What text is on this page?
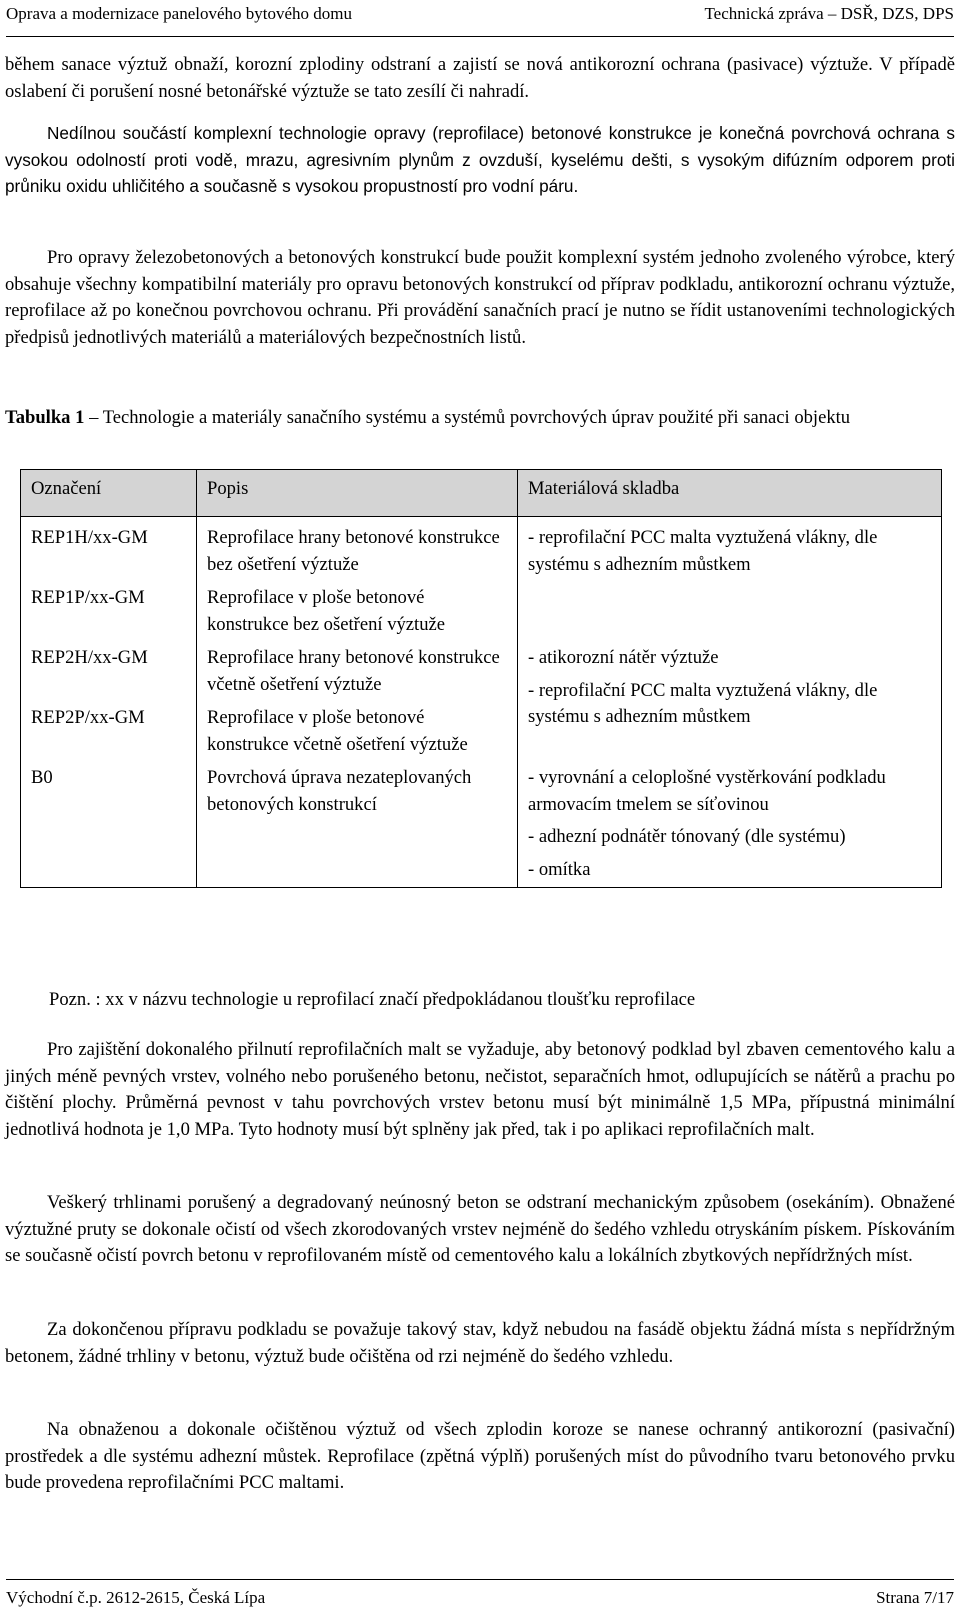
Oprava a modernizace panelového bytového domu	Technická zpráva – DSŘ, DZS, DPS

během sanace výztuž obnaží, korozní zplodiny odstraní a zajistí se nová antikorozní ochrana (pasivace) výztuže. V případě oslabení či porušení nosné betonářské výztuže se tato zesílí či nahradí.

Nedílnou součástí komplexní technologie opravy (reprofilace) betonové konstrukce je konečná povrchová ochrana s vysokou odolností proti vodě, mrazu, agresivním plynům z ovzduší, kyselému dešti, s vysokým difúzním odporem proti průniku oxidu uhličitého a současně s vysokou propustností pro vodní páru.

Pro opravy železobetonových a betonových konstrukcí bude použit komplexní systém jednoho zvoleného výrobce, který obsahuje všechny kompatibilní materiály pro opravu betonových konstrukcí od příprav podkladu, antikorozní ochranu výztuže, reprofilace až po konečnou povrchovou ochranu. Při provádění sanačních prací je nutno se řídit ustanoveními technologických předpisů jednotlivých materiálů a materiálových bezpečnostních listů.

Tabulka 1 – Technologie a materiály sanačního systému a systémů povrchových úprav použité při sanaci objektu
Označení	Popis	Materiálová skladba
REP1H/xx-GM	Reprofilace hrany betonové konstrukce bez ošetření výztuže	- reprofilační PCC malta vyztužená vlákny, dle systému s adhezním můstkem

REP1P/xx-GM	Reprofilace v ploše betonové konstrukce bez ošetření výztuže	
REP2H/xx-GM	Reprofilace hrany betonové konstrukce včetně ošetření výztuže	- atikorozní nátěr výztuže
- reprofilační PCC malta vyztužená vlákny, dle systému s adhezním můstkem

REP2P/xx-GM	Reprofilace v ploše betonové konstrukce včetně ošetření výztuže	
B0	Povrchová úprava nezateplovaných betonových konstrukcí	- vyrovnání a celoplošné vystěrkování podkladu armovacím tmelem se síťovinou
- adhezní podnátěr tónovaný (dle systému)
- omítka
Pozn. : xx v názvu technologie u reprofilací značí předpokládanou tloušťku reprofilace

Pro zajištění dokonalého přilnutí reprofilačních malt se vyžaduje, aby betonový podklad byl zbaven cementového kalu a jiných méně pevných vrstev, volného nebo porušeného betonu, nečistot, separačních hmot, odlupujících se nátěrů a prachu po čištění plochy. Průměrná pevnost v tahu povrchových vrstev betonu musí být minimálně 1,5 MPa, přípustná minimální jednotlivá hodnota je 1,0 MPa. Tyto hodnoty musí být splněny jak před, tak i po aplikaci reprofilačních malt.

Veškerý trhlinami porušený a degradovaný neúnosný beton se odstraní mechanickým způsobem (osekáním). Obnažené výztužné pruty se dokonale očistí od všech zkorodovaných vrstev nejméně do šedého vzhledu otryskáním pískem. Pískováním se současně očistí povrch betonu v reprofilovaném místě od cementového kalu a lokálních zbytkových nepřídržných míst.

Za dokončenou přípravu podkladu se považuje takový stav, když nebudou na fasádě objektu žádná místa s nepřídržným betonem, žádné trhliny v betonu, výztuž bude očištěna od rzi nejméně do šedého vzhledu.

Na obnaženou a dokonale očištěnou výztuž od všech zplodin koroze se nanese ochranný antikorozní (pasivační) prostředek a dle systému adhezní můstek. Reprofilace (zpětná výplň) porušených míst do původního tvaru betonového prvku bude provedena reprofilačními PCC maltami.

Východní č.p. 2612-2615, Česká Lípa	Strana 7/17
